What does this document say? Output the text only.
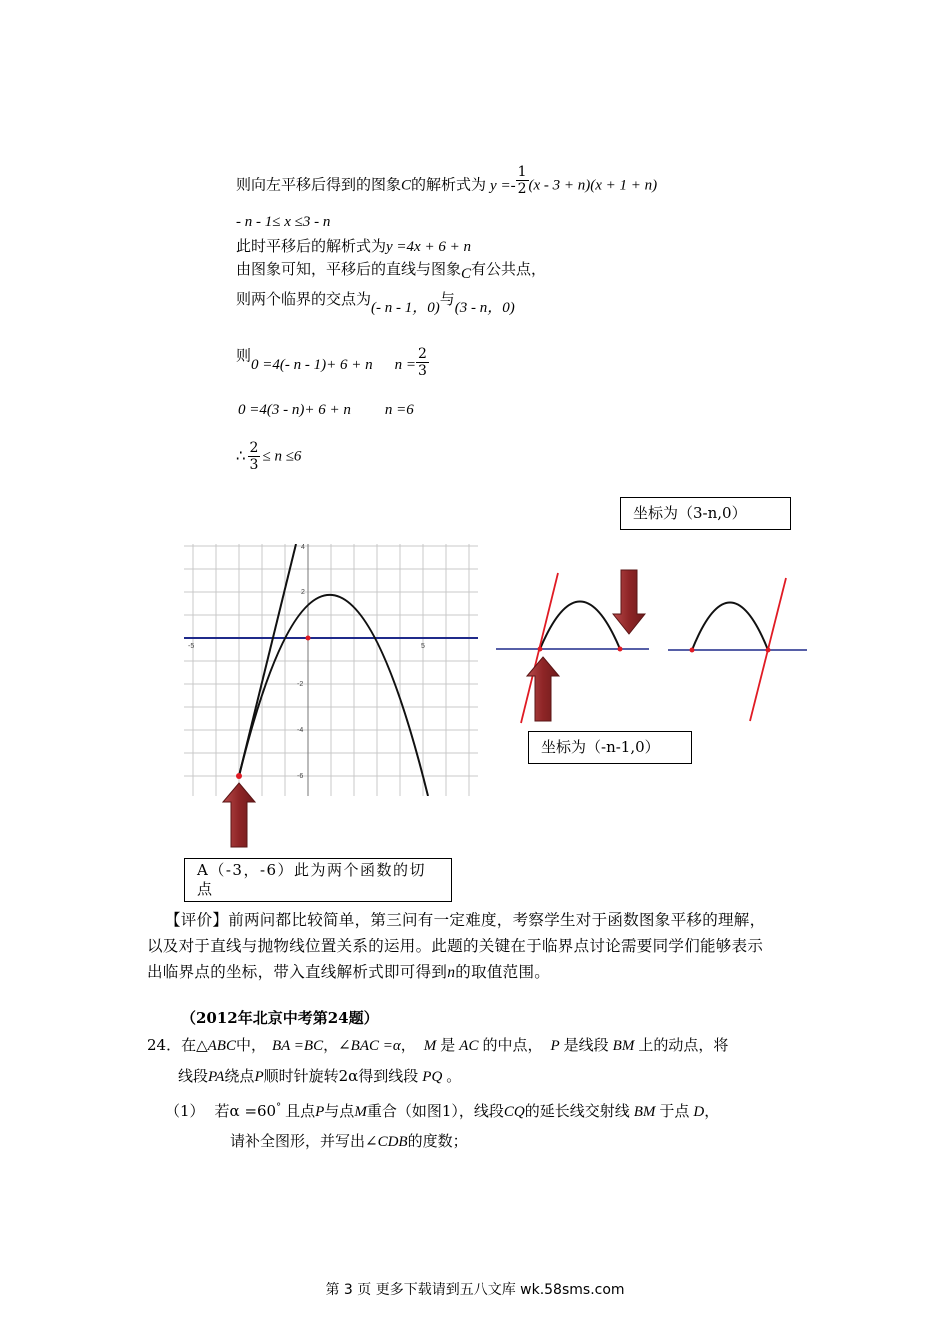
则向左平移后得到的图象C的解析式为 $y =- \frac{1}{2} (x - 3 + n)(x + 1 + n)$
- n - 1≤ x ≤3 - n
此时平移后的解析式为y =4x + 6 + n
由图象可知，平移后的直线与图象C有公共点，
则两个临界的交点为(- n - 1，0)与(3 - n，0)
则0 =4(- n - 1)+ 6 + n $n = \frac{2}{3}$
0 =4(3 - n)+ 6 + n n =6
∴ $\frac{2}{3} \le n \le 6$
坐标为（3-n,0）
坐标为（-n-1,0）
A（-3，-6）此为两个函数的切点
4
2
-2
-4
-6
-5	5
【评价】前两问都比较简单，第三问有一定难度，考察学生对于函数图象平移的理解，
以及对于直线与抛物线位置关系的运用。此题的关键在于临界点讨论需要同学们能够表示
出临界点的坐标，带入直线解析式即可得到n的取值范围。
（2012年北京中考第24题）
24．在△ABC中， BA =BC，∠BAC =α， M 是 AC 的中点， P 是线段 BM 上的动点，将
线段PA绕点P顺时针旋转2α得到线段 PQ 。
（1） 若α =60° 且点P与点M重合（如图1），线段CQ的延长线交射线 BM 于点 D，
请补全图形，并写出∠CDB的度数；
第 3 页 更多下载请到五八文库 wk.58sms.com
